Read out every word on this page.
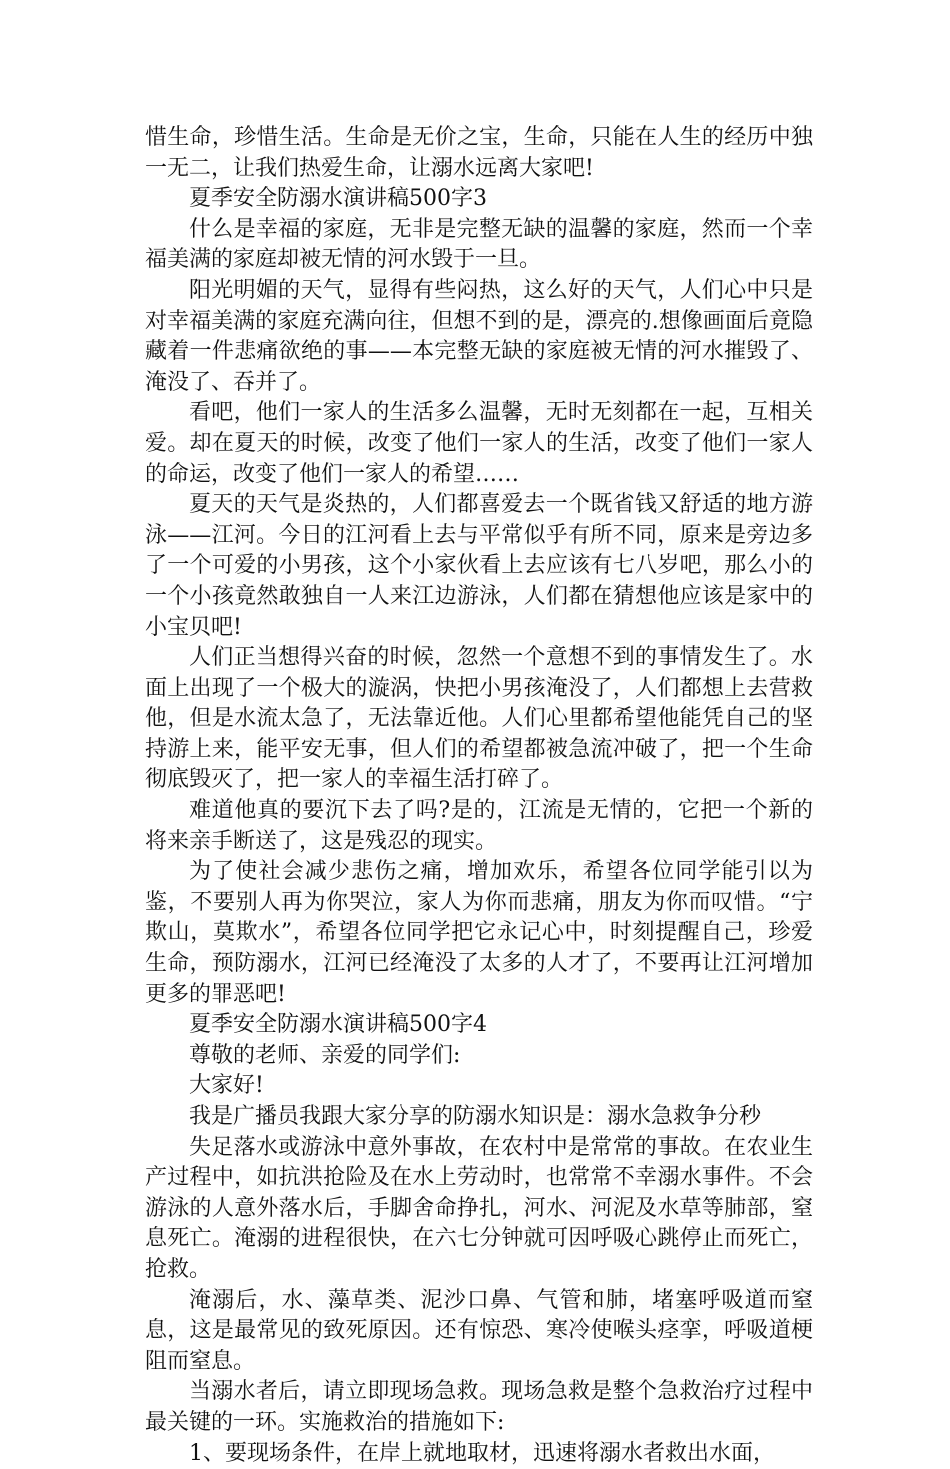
惜生命，珍惜生活。生命是无价之宝，生命，只能在人生的经历中独一无二，让我们热爱生命，让溺水远离大家吧!

夏季安全防溺水演讲稿500字3

什么是幸福的家庭，无非是完整无缺的温馨的家庭，然而一个幸福美满的家庭却被无情的河水毁于一旦。

阳光明媚的天气，显得有些闷热，这么好的天气，人们心中只是对幸福美满的家庭充满向往，但想不到的是，漂亮的.想像画面后竟隐藏着一件悲痛欲绝的事——本完整无缺的家庭被无情的河水摧毁了、淹没了、吞并了。

看吧，他们一家人的生活多么温馨，无时无刻都在一起，互相关爱。却在夏天的时候，改变了他们一家人的生活，改变了他们一家人的命运，改变了他们一家人的希望……

夏天的天气是炎热的，人们都喜爱去一个既省钱又舒适的地方游泳——江河。今日的江河看上去与平常似乎有所不同，原来是旁边多了一个可爱的小男孩，这个小家伙看上去应该有七八岁吧，那么小的一个小孩竟然敢独自一人来江边游泳，人们都在猜想他应该是家中的小宝贝吧!

人们正当想得兴奋的时候，忽然一个意想不到的事情发生了。水面上出现了一个极大的漩涡，快把小男孩淹没了，人们都想上去营救他，但是水流太急了，无法靠近他。人们心里都希望他能凭自己的坚持游上来，能平安无事，但人们的希望都被急流冲破了，把一个生命彻底毁灭了，把一家人的幸福生活打碎了。

难道他真的要沉下去了吗?是的，江流是无情的，它把一个新的将来亲手断送了，这是残忍的现实。

为了使社会减少悲伤之痛，增加欢乐，希望各位同学能引以为鉴，不要别人再为你哭泣，家人为你而悲痛，朋友为你而叹惜。“宁欺山，莫欺水”，希望各位同学把它永记心中，时刻提醒自己，珍爱生命，预防溺水，江河已经淹没了太多的人才了，不要再让江河增加更多的罪恶吧!

夏季安全防溺水演讲稿500字4

尊敬的老师、亲爱的同学们:

大家好!

我是广播员我跟大家分享的防溺水知识是：溺水急救争分秒

失足落水或游泳中意外事故，在农村中是常常的事故。在农业生产过程中，如抗洪抢险及在水上劳动时，也常常不幸溺水事件。不会游泳的人意外落水后，手脚舍命挣扎，河水、河泥及水草等肺部，窒息死亡。淹溺的进程很快，在六七分钟就可因呼吸心跳停止而死亡，抢救。

淹溺后，水、藻草类、泥沙口鼻、气管和肺，堵塞呼吸道而窒息，这是最常见的致死原因。还有惊恐、寒冷使喉头痉挛，呼吸道梗阻而窒息。

当溺水者后，请立即现场急救。现场急救是整个急救治疗过程中最关键的一环。实施救治的措施如下:

1、要现场条件，在岸上就地取材，迅速将溺水者救出水面，
